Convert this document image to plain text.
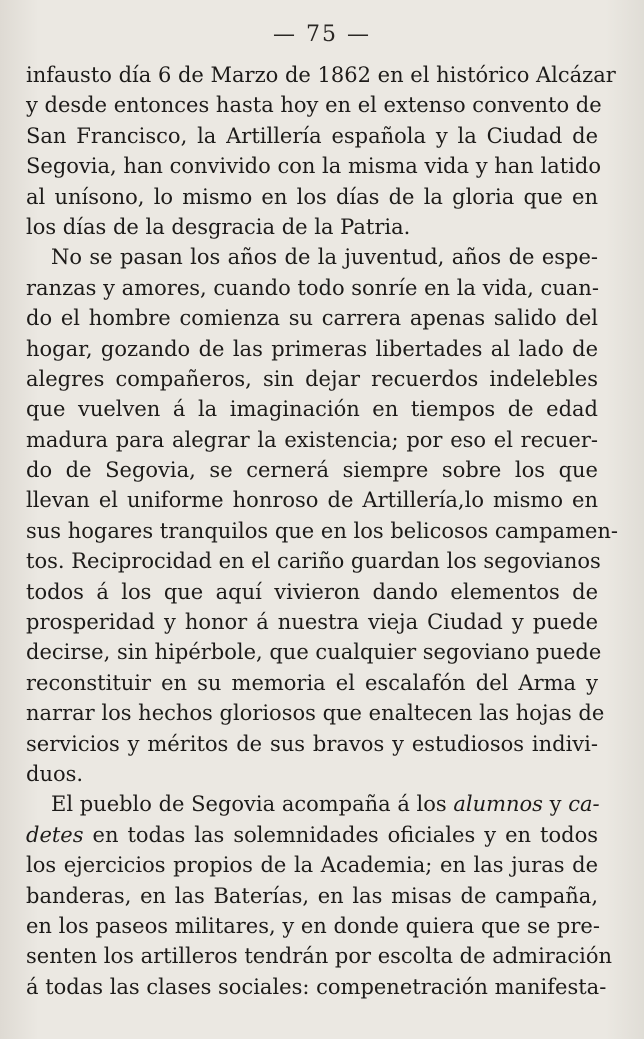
— 75 —
infausto día 6 de Marzo de 1862 en el histórico Alcázar
y desde entonces hasta hoy en el extenso convento de
San Francisco, la Artillería española y la Ciudad de
Segovia, han convivido con la misma vida y han latido
al unísono, lo mismo en los días de la gloria que en
los días de la desgracia de la Patria.
No se pasan los años de la juventud, años de espe-
ranzas y amores, cuando todo sonríe en la vida, cuan-
do el hombre comienza su carrera apenas salido del
hogar, gozando de las primeras libertades al lado de
alegres compañeros, sin dejar recuerdos indelebles
que vuelven á la imaginación en tiempos de edad
madura para alegrar la existencia; por eso el recuer-
do de Segovia, se cernerá siempre sobre los que
llevan el uniforme honroso de Artillería,lo mismo en
sus hogares tranquilos que en los belicosos campamen-
tos. Reciprocidad en el cariño guardan los segovianos
todos á los que aquí vivieron dando elementos de
prosperidad y honor á nuestra vieja Ciudad y puede
decirse, sin hipérbole, que cualquier segoviano puede
reconstituir en su memoria el escalafón del Arma y
narrar los hechos gloriosos que enaltecen las hojas de
servicios y méritos de sus bravos y estudiosos indivi-
duos.
El pueblo de Segovia acompaña á los alumnos y ca-
detes en todas las solemnidades oficiales y en todos
los ejercicios propios de la Academia; en las juras de
banderas, en las Baterías, en las misas de campaña,
en los paseos militares, y en donde quiera que se pre-
senten los artilleros tendrán por escolta de admiración
á todas las clases sociales: compenetración manifesta-
